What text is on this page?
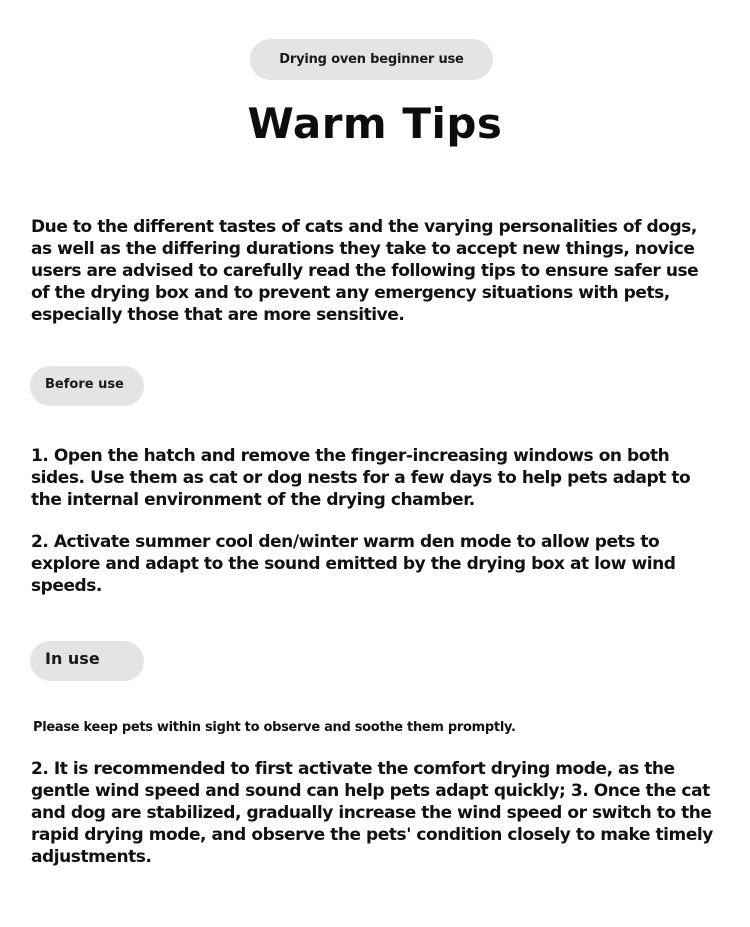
Drying oven beginner use
Warm Tips

Due to the different tastes of cats and the varying personalities of dogs, as well as the differing durations they take to accept new things, novice users are advised to carefully read the following tips to ensure safer use of the drying box and to prevent any emergency situations with pets, especially those that are more sensitive.

Before use

1. Open the hatch and remove the finger-increasing windows on both sides. Use them as cat or dog nests for a few days to help pets adapt to the internal environment of the drying chamber.

2. Activate summer cool den/winter warm den mode to allow pets to explore and adapt to the sound emitted by the drying box at low wind speeds.

In use

Please keep pets within sight to observe and soothe them promptly.

2. It is recommended to first activate the comfort drying mode, as the gentle wind speed and sound can help pets adapt quickly; 3. Once the cat and dog are stabilized, gradually increase the wind speed or switch to the rapid drying mode, and observe the pets' condition closely to make timely adjustments.
